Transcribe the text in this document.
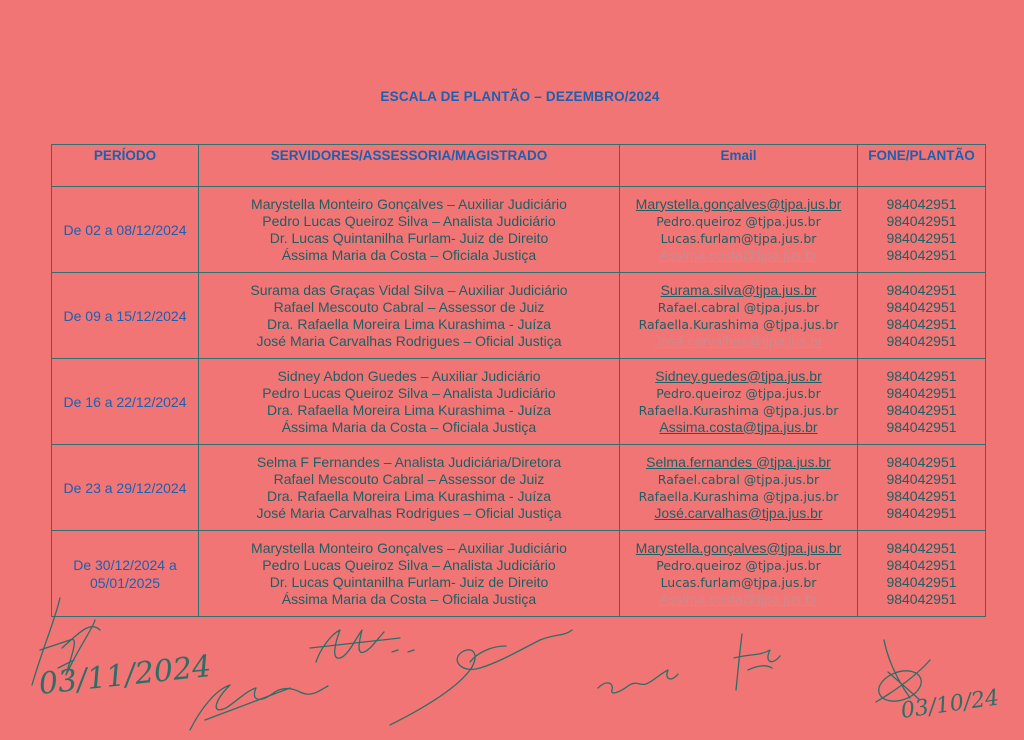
ESCALA DE PLANTÃO – DEZEMBRO/2024
PERÍODO	SERVIDORES/ASSESSORIA/MAGISTRADO	Email	FONE/PLANTÃO
De 02 a 08/12/2024	Marystella Monteiro Gonçalves – Auxiliar Judiciário
Pedro Lucas Queiroz Silva – Analista Judiciário
Dr. Lucas Quintanilha Furlam- Juiz de Direito
Ássima Maria da Costa – Oficiala Justiça	Marystella.gonçalves@tjpa.jus.br
Pedro.queiroz @tjpa.jus.br
Lucas.furlam@tjpa.jus.br
Assima.costa@tjpa.jus.br	984042951
984042951
984042951
984042951

De 09 a 15/12/2024	Surama das Graças Vidal Silva – Auxiliar Judiciário
Rafael Mescouto Cabral – Assessor de Juiz
Dra. Rafaella Moreira Lima Kurashima - Juíza
José Maria Carvalhas Rodrigues – Oficial Justiça	Surama.silva@tjpa.jus.br
Rafael.cabral @tjpa.jus.br
Rafaella.Kurashima @tjpa.jus.br
José.carvalhas@tjpa.jus.br	984042951
984042951
984042951
984042951

De 16 a 22/12/2024	Sidney Abdon Guedes – Auxiliar Judiciário
Pedro Lucas Queiroz Silva – Analista Judiciário
Dra. Rafaella Moreira Lima Kurashima - Juíza
Ássima Maria da Costa – Oficiala Justiça	Sidney.guedes@tjpa.jus.br
Pedro.queiroz @tjpa.jus.br
Rafaella.Kurashima @tjpa.jus.br
Assima.costa@tjpa.jus.br	984042951
984042951
984042951
984042951

De 23 a 29/12/2024	Selma F Fernandes – Analista Judiciária/Diretora
Rafael Mescouto Cabral – Assessor de Juiz
Dra. Rafaella Moreira Lima Kurashima - Juíza
José Maria Carvalhas Rodrigues – Oficial Justiça	Selma.fernandes @tjpa.jus.br
Rafael.cabral @tjpa.jus.br
Rafaella.Kurashima @tjpa.jus.br
José.carvalhas@tjpa.jus.br	984042951
984042951
984042951
984042951

De 30/12/2024 a 05/01/2025	Marystella Monteiro Gonçalves – Auxiliar Judiciário
Pedro Lucas Queiroz Silva – Analista Judiciário
Dr. Lucas Quintanilha Furlam- Juiz de Direito
Ássima Maria da Costa – Oficiala Justiça	Marystella.gonçalves@tjpa.jus.br
Pedro.queiroz @tjpa.jus.br
Lucas.furlam@tjpa.jus.br
Assima.costa@tjpa.jus.br	984042951
984042951
984042951
984042951
03/11/2024
03/10/24
